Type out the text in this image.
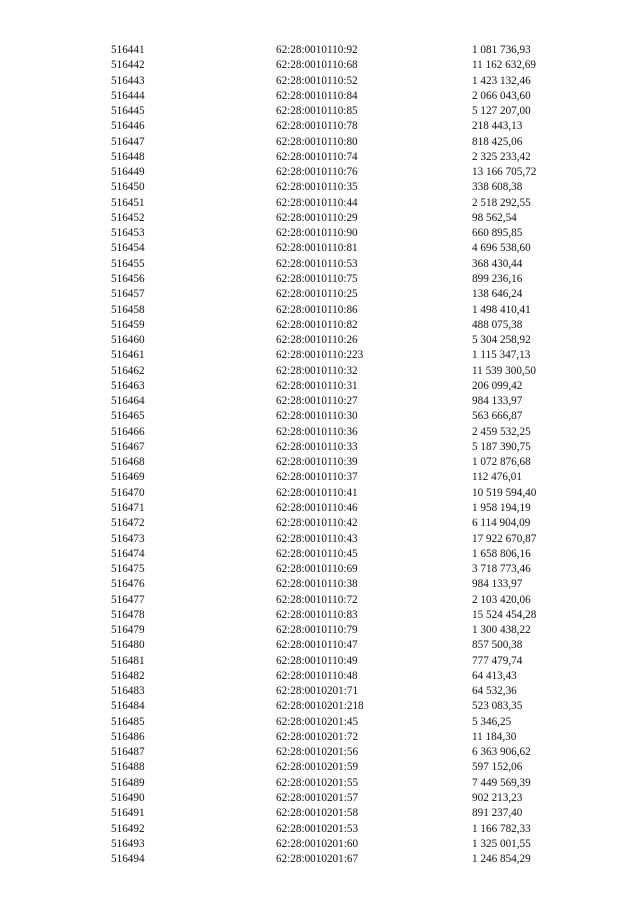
516441	62:28:0010110:92	1 081 736,93
516442	62:28:0010110:68	11 162 632,69
516443	62:28:0010110:52	1 423 132,46
516444	62:28:0010110:84	2 066 043,60
516445	62:28:0010110:85	5 127 207,00
516446	62:28:0010110:78	218 443,13
516447	62:28:0010110:80	818 425,06
516448	62:28:0010110:74	2 325 233,42
516449	62:28:0010110:76	13 166 705,72
516450	62:28:0010110:35	338 608,38
516451	62:28:0010110:44	2 518 292,55
516452	62:28:0010110:29	98 562,54
516453	62:28:0010110:90	660 895,85
516454	62:28:0010110:81	4 696 538,60
516455	62:28:0010110:53	368 430,44
516456	62:28:0010110:75	899 236,16
516457	62:28:0010110:25	138 646,24
516458	62:28:0010110:86	1 498 410,41
516459	62:28:0010110:82	488 075,38
516460	62:28:0010110:26	5 304 258,92
516461	62:28:0010110:223	1 115 347,13
516462	62:28:0010110:32	11 539 300,50
516463	62:28:0010110:31	206 099,42
516464	62:28:0010110:27	984 133,97
516465	62:28:0010110:30	563 666,87
516466	62:28:0010110:36	2 459 532,25
516467	62:28:0010110:33	5 187 390,75
516468	62:28:0010110:39	1 072 876,68
516469	62:28:0010110:37	112 476,01
516470	62:28:0010110:41	10 519 594,40
516471	62:28:0010110:46	1 958 194,19
516472	62:28:0010110:42	6 114 904,09
516473	62:28:0010110:43	17 922 670,87
516474	62:28:0010110:45	1 658 806,16
516475	62:28:0010110:69	3 718 773,46
516476	62:28:0010110:38	984 133,97
516477	62:28:0010110:72	2 103 420,06
516478	62:28:0010110:83	15 524 454,28
516479	62:28:0010110:79	1 300 438,22
516480	62:28:0010110:47	857 500,38
516481	62:28:0010110:49	777 479,74
516482	62:28:0010110:48	64 413,43
516483	62:28:0010201:71	64 532,36
516484	62:28:0010201:218	523 083,35
516485	62:28:0010201:45	5 346,25
516486	62:28:0010201:72	11 184,30
516487	62:28:0010201:56	6 363 906,62
516488	62:28:0010201:59	597 152,06
516489	62:28:0010201:55	7 449 569,39
516490	62:28:0010201:57	902 213,23
516491	62:28:0010201:58	891 237,40
516492	62:28:0010201:53	1 166 782,33
516493	62:28:0010201:60	1 325 001,55
516494	62:28:0010201:67	1 246 854,29
